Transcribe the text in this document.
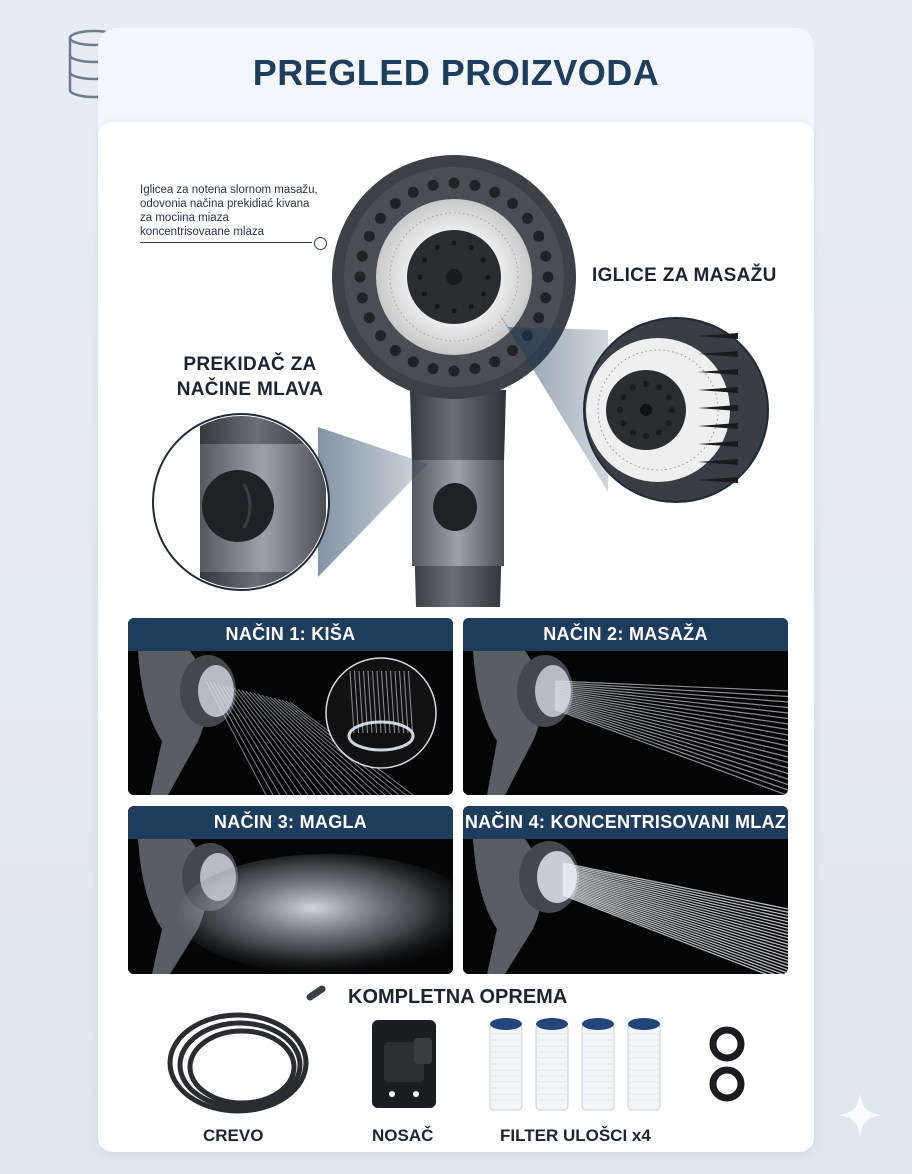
PREGLED PROIZVODA
Iglicea za notena slornom masažu, odovonia načina prekidiać kivana za mociina miaza koncentrisovaane mlaza
IGLICE ZA MASAŽU
PREKIDAČ ZA NAČINE MLAVA
NAČIN 1: KIŠA	NAČIN 2: MASAŽA
NAČIN 3: MAGLA	NAČIN 4: KONCENTRISOVANI MLAZ
KOMPLETNA OPREMA
CREVO	NOSAČ	FILTER ULOŠCI x4
